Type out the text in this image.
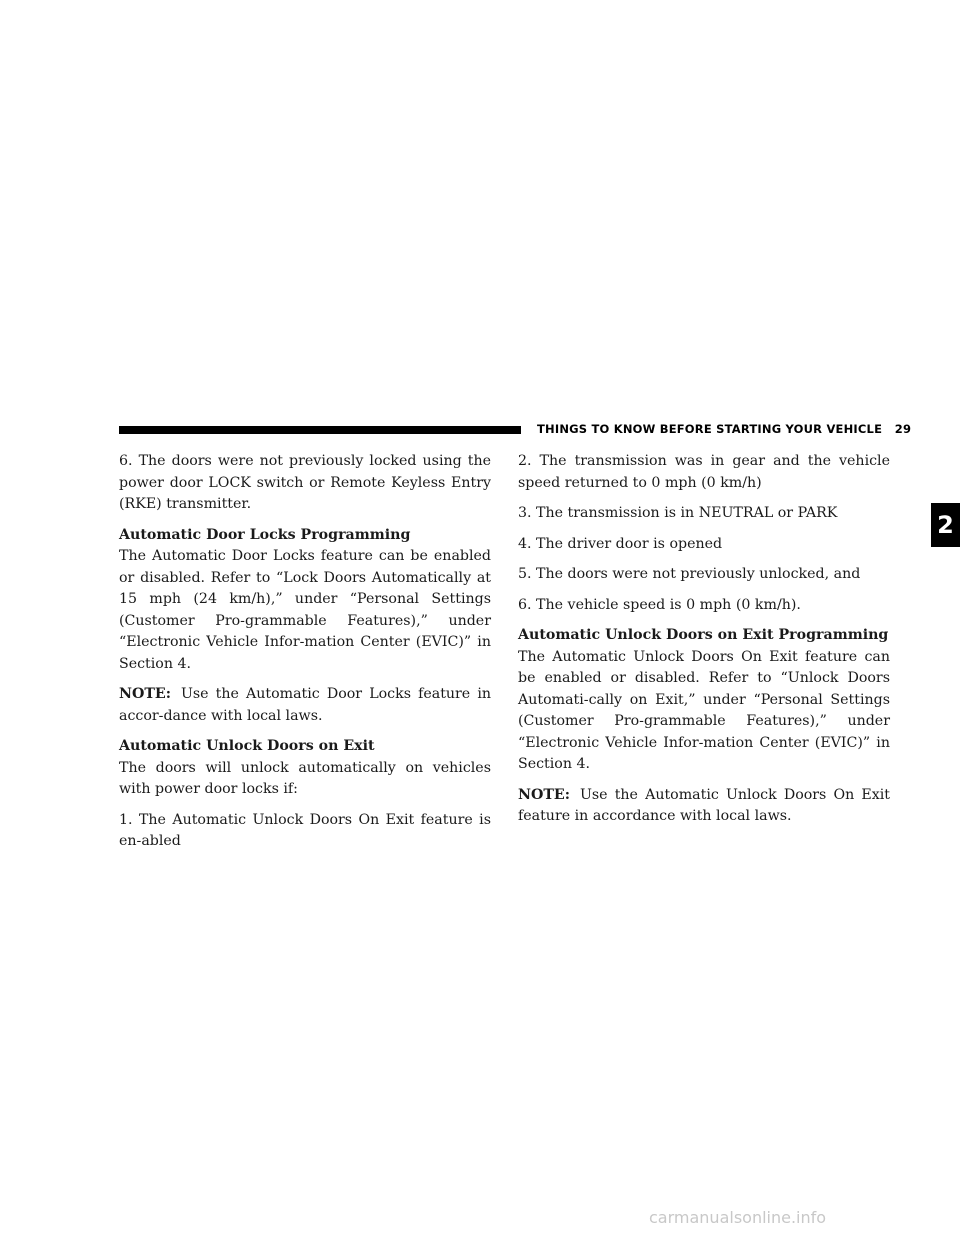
THINGS TO KNOW BEFORE STARTING YOUR VEHICLE 29
2

6. The doors were not previously locked using the power door LOCK switch or Remote Keyless Entry (RKE) transmitter.

Automatic Door Locks Programming

The Automatic Door Locks feature can be enabled or disabled. Refer to “Lock Doors Automatically at 15 mph (24 km/h),” under “Personal Settings (Customer Pro-grammable Features),” under “Electronic Vehicle Infor-mation Center (EVIC)” in Section 4.

NOTE: Use the Automatic Door Locks feature in accor-dance with local laws.

Automatic Unlock Doors on Exit

The doors will unlock automatically on vehicles with power door locks if:

1. The Automatic Unlock Doors On Exit feature is en-abled

2. The transmission was in gear and the vehicle speed returned to 0 mph (0 km/h)

3. The transmission is in NEUTRAL or PARK

4. The driver door is opened

5. The doors were not previously unlocked, and

6. The vehicle speed is 0 mph (0 km/h).

Automatic Unlock Doors on Exit Programming

The Automatic Unlock Doors On Exit feature can be enabled or disabled. Refer to “Unlock Doors Automati-cally on Exit,” under “Personal Settings (Customer Pro-grammable Features),” under “Electronic Vehicle Infor-mation Center (EVIC)” in Section 4.

NOTE: Use the Automatic Unlock Doors On Exit feature in accordance with local laws.

carmanualsonline.info
